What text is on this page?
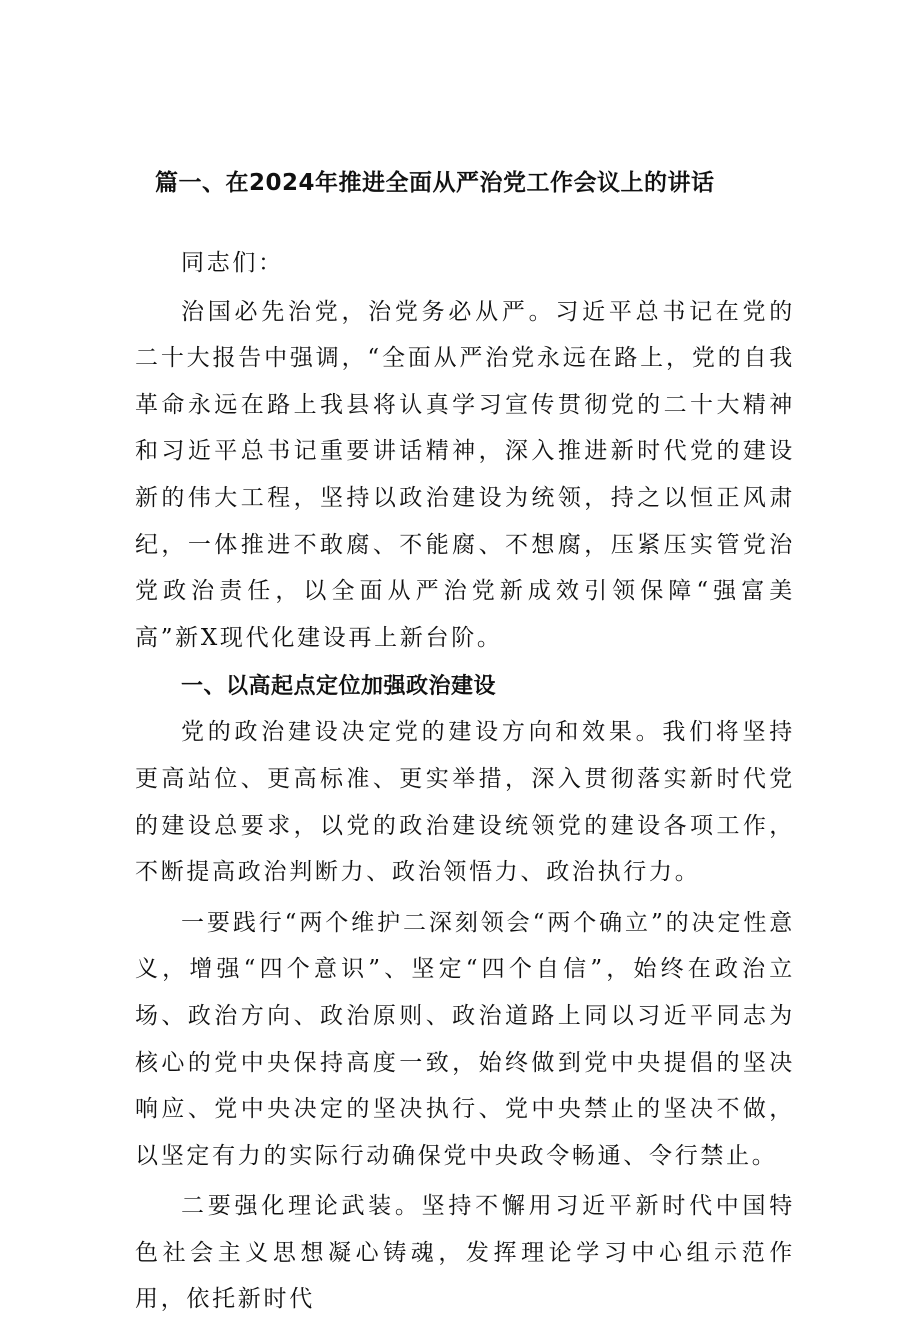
篇一、在2024年推进全面从严治党工作会议上的讲话

同志们：

治国必先治党，治党务必从严。习近平总书记在党的二十大报告中强调，“全面从严治党永远在路上，党的自我革命永远在路上我县将认真学习宣传贯彻党的二十大精神和习近平总书记重要讲话精神，深入推进新时代党的建设新的伟大工程，坚持以政治建设为统领，持之以恒正风肃纪，一体推进不敢腐、不能腐、不想腐，压紧压实管党治党政治责任，以全面从严治党新成效引领保障“强富美高”新X现代化建设再上新台阶。

一、以高起点定位加强政治建设

党的政治建设决定党的建设方向和效果。我们将坚持更高站位、更高标准、更实举措，深入贯彻落实新时代党的建设总要求，以党的政治建设统领党的建设各项工作，不断提高政治判断力、政治领悟力、政治执行力。

一要践行“两个维护二深刻领会“两个确立”的决定性意义，增强“四个意识”、坚定“四个自信”，始终在政治立场、政治方向、政治原则、政治道路上同以习近平同志为核心的党中央保持高度一致，始终做到党中央提倡的坚决响应、党中央决定的坚决执行、党中央禁止的坚决不做，以坚定有力的实际行动确保党中央政令畅通、令行禁止。

二要强化理论武装。坚持不懈用习近平新时代中国特色社会主义思想凝心铸魂，发挥理论学习中心组示范作用，依托新时代
